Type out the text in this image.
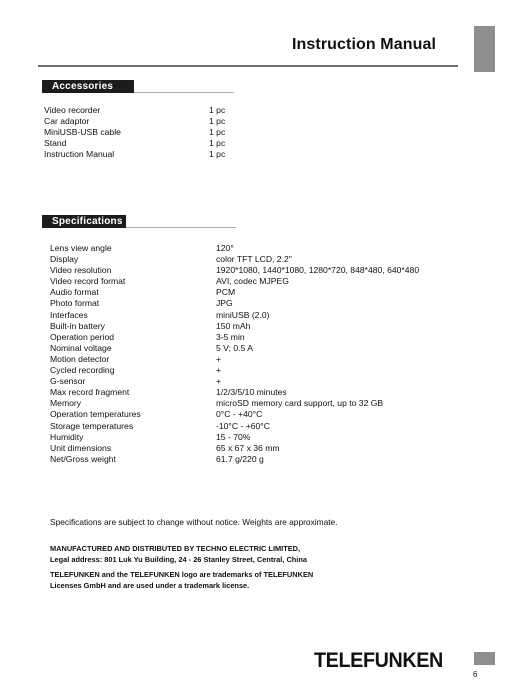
Instruction Manual
Accessories
Video recorder	1 pc
Car adaptor	1 pc
MiniUSB-USB cable	1 pc
Stand	1 pc
Instruction Manual	1 pc
Specifications
Lens view angle	120°
Display	color TFT LCD, 2.2"
Video resolution	1920*1080, 1440*1080, 1280*720, 848*480, 640*480
Video record format	AVI, codec MJPEG
Audio format	PCM
Photo format	JPG
Interfaces	miniUSB (2.0)
Built-in battery	150 mAh
Operation period	3-5 min
Nominal voltage	5 V; 0.5 A
Motion detector	+
Cycled recording	+
G-sensor	+
Max record fragment	1/2/3/5/10 minutes
Memory	microSD memory card support, up to 32 GB
Operation temperatures	0°C - +40°C
Storage temperatures	-10°C - +60°C
Humidity	15 - 70%
Unit dimensions	65 x 67 x 36 mm
Net/Gross weight	61.7 g/220 g
Specifications are subject to change without notice. Weights are approximate.
MANUFACTURED AND DISTRIBUTED BY TECHNO ELECTRIC LIMITED,
Legal address: 801 Luk Yu Building, 24 - 26 Stanley Street, Central, China
TELEFUNKEN and the TELEFUNKEN logo are trademarks of TELEFUNKEN
Licenses GmbH and are used under a trademark license.
TELEFUNKEN
6
